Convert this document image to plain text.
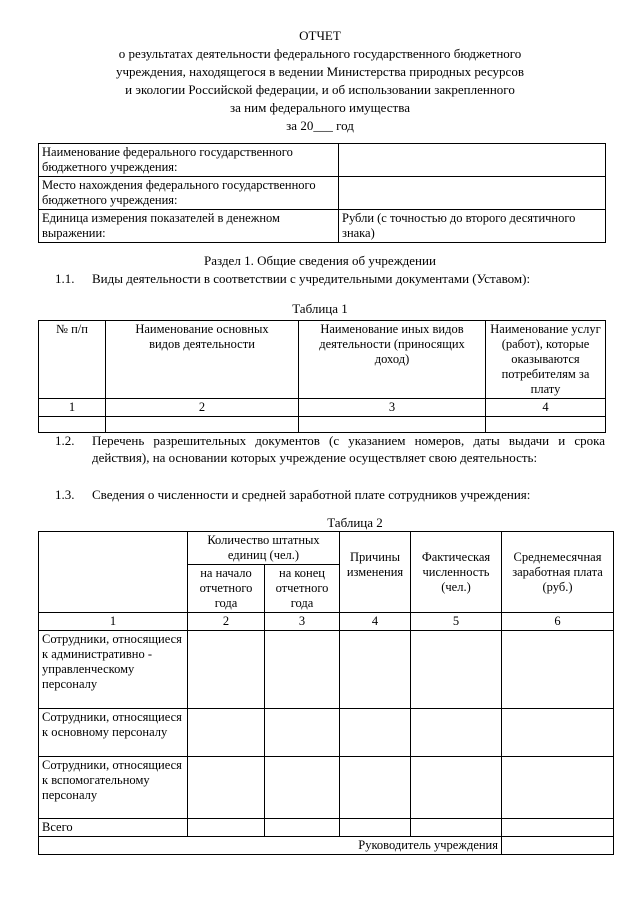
ОТЧЕТ
о результатах деятельности федерального государственного бюджетного
учреждения, находящегося в ведении Министерства природных ресурсов
и экологии Российской федерации, и об использовании закрепленного
за ним федерального имущества
за 20___ год
Наименование федерального государственного бюджетного учреждения:	
Место нахождения федерального государственного бюджетного учреждения:	
Единица измерения показателей в денежном выражении:	Рубли (с точностью до второго десятичного знака)
Раздел 1. Общие сведения об учреждении
1.1. Виды деятельности в соответствии с учредительными документами (Уставом):
Таблица 1
№ п/п	Наименование основных видов деятельности	Наименование иных видов деятельности (приносящих доход)	Наименование услуг (работ), которые оказываются потребителям за плату
1	2	3	4

1.2. Перечень разрешительных документов (с указанием номеров, даты выдачи и срока действия), на основании которых учреждение осуществляет свою деятельность:
1.3. Сведения о численности и средней заработной плате сотрудников учреждения:
Таблица 2
	Количество штатных единиц (чел.)		Причины изменения	Фактическая численность (чел.)	Среднемесячная заработная плата (руб.)
	на начало отчетного года	на конец отчетного года			
1	2	3	4	5	6
Сотрудники, относящиеся к административно - управленческому персоналу					
Сотрудники, относящиеся к основному персоналу					
Сотрудники, относящиеся к вспомогательному персоналу					
Всего					
Руководитель учреждения					
